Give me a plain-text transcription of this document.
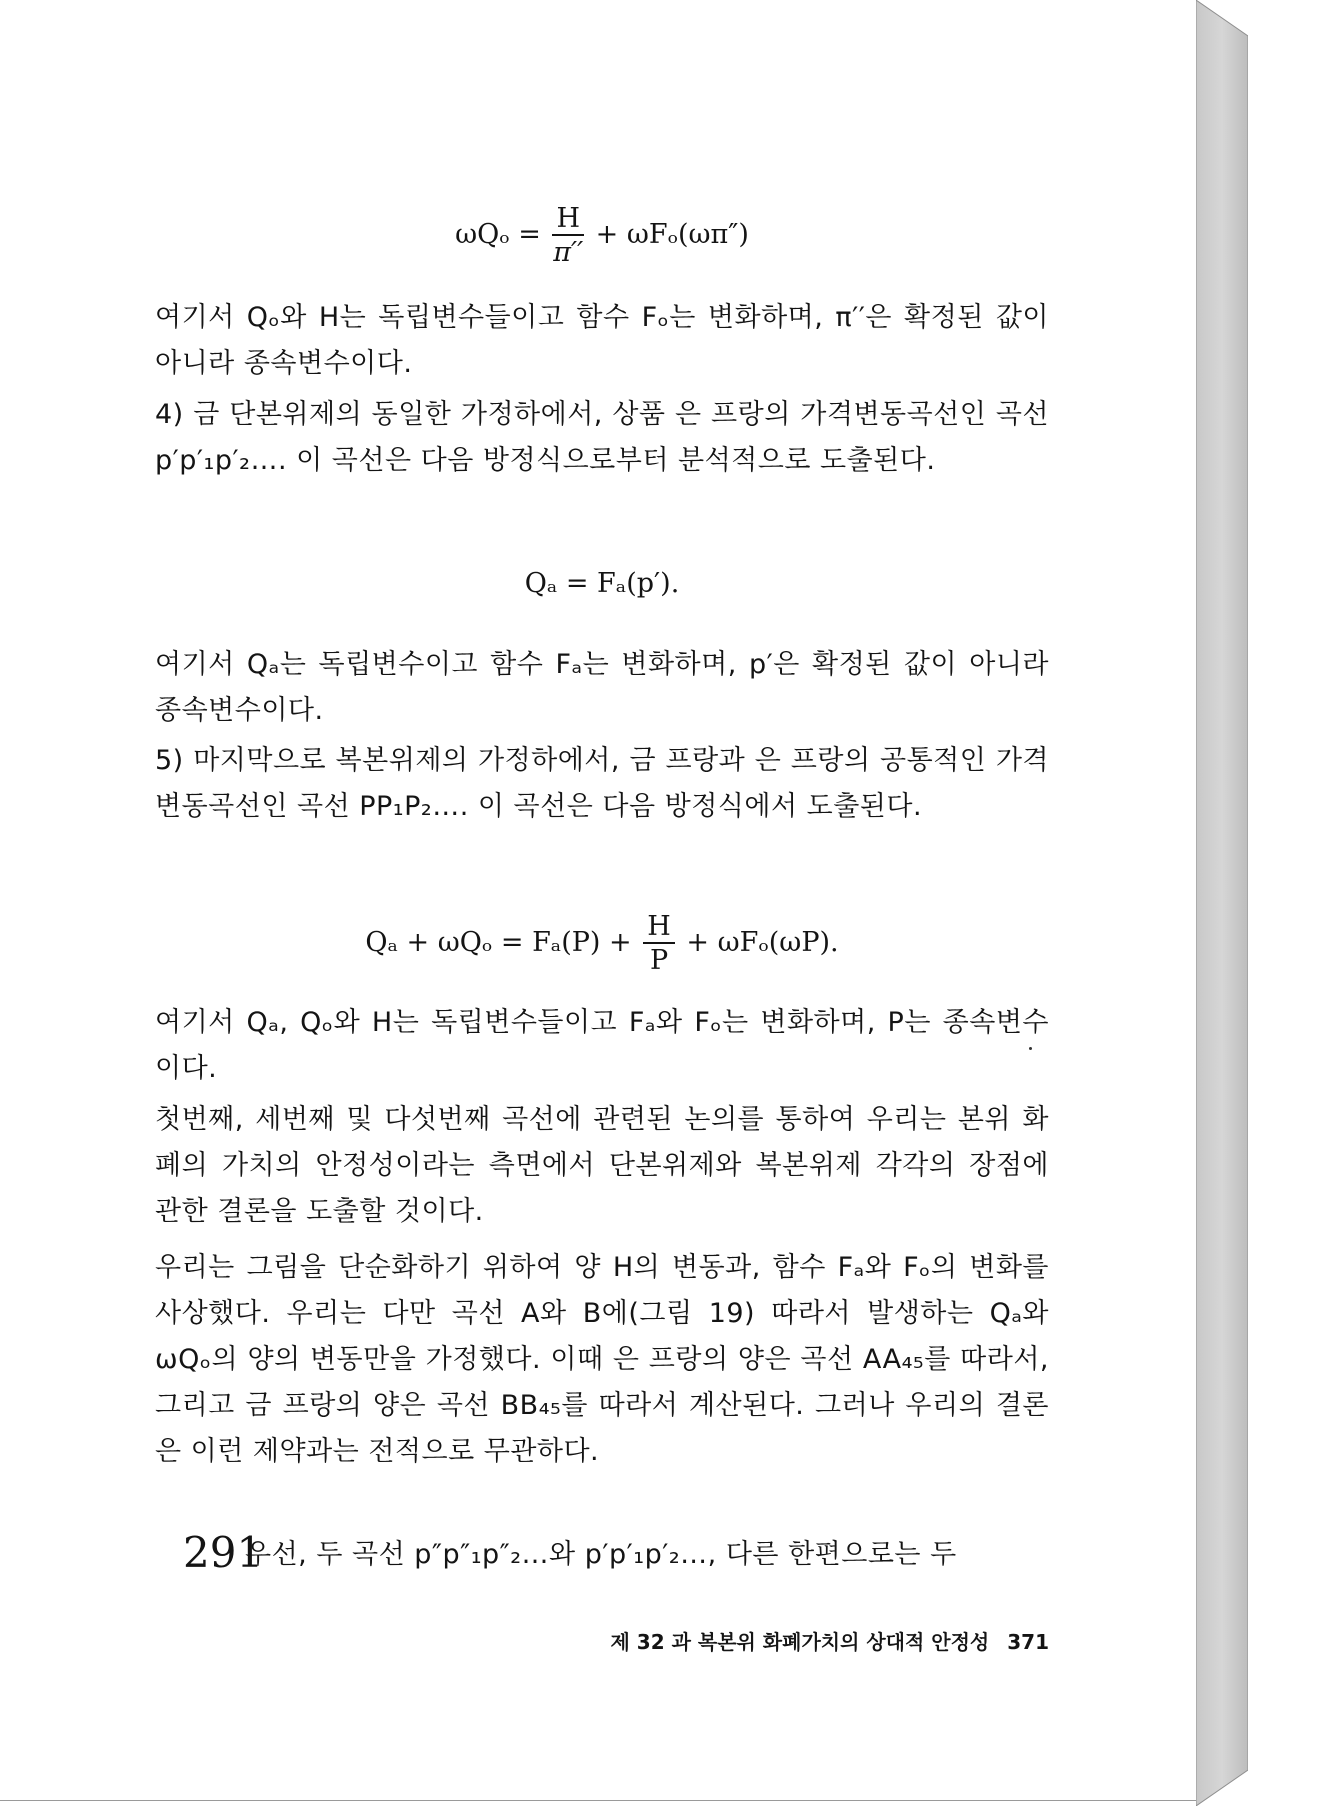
$\omega Q_o = \frac{H}{\pi''} + \omega F_o(\omega\pi'')$
여기서 Qₒ와 H는 독립변수들이고 함수 Fₒ는 변화하며, π′′은 확정된 값이 아니라 종속변수이다.
4) 금 단본위제의 동일한 가정하에서, 상품 은 프랑의 가격변동곡선인 곡선 p′p′₁p′₂…. 이 곡선은 다음 방정식으로부터 분석적으로 도출된다.
Qₐ = Fₐ(p′).
여기서 Qₐ는 독립변수이고 함수 Fₐ는 변화하며, p′은 확정된 값이 아니라 종속변수이다.
5) 마지막으로 복본위제의 가정하에서, 금 프랑과 은 프랑의 공통적인 가격변동곡선인 곡선 PP₁P₂…. 이 곡선은 다음 방정식에서 도출된다.
$Q_a + \omega Q_o = F_a(P) + \frac{H}{P} + \omega F_o(\omega P)$.
여기서 Qₐ, Qₒ와 H는 독립변수들이고 Fₐ와 Fₒ는 변화하며, P는 종속변수이다.
첫번째, 세번째 및 다섯번째 곡선에 관련된 논의를 통하여 우리는 본위 화폐의 가치의 안정성이라는 측면에서 단본위제와 복본위제 각각의 장점에 관한 결론을 도출할 것이다.
우리는 그림을 단순화하기 위하여 양 H의 변동과, 함수 Fₐ와 Fₒ의 변화를 사상했다. 우리는 다만 곡선 A와 B에(그림 19) 따라서 발생하는 Qₐ와 ωQₒ의 양의 변동만을 가정했다. 이때 은 프랑의 양은 곡선 AA₄₅를 따라서, 그리고 금 프랑의 양은 곡선 BB₄₅를 따라서 계산된다. 그러나 우리의 결론은 이런 제약과는 전적으로 무관하다.
우선, 두 곡선 p″p″₁p″₂…와 p′p′₁p′₂…, 다른 한편으로는 두
제 32 과 복본위 화폐가치의 상대적 안정성 371
291
